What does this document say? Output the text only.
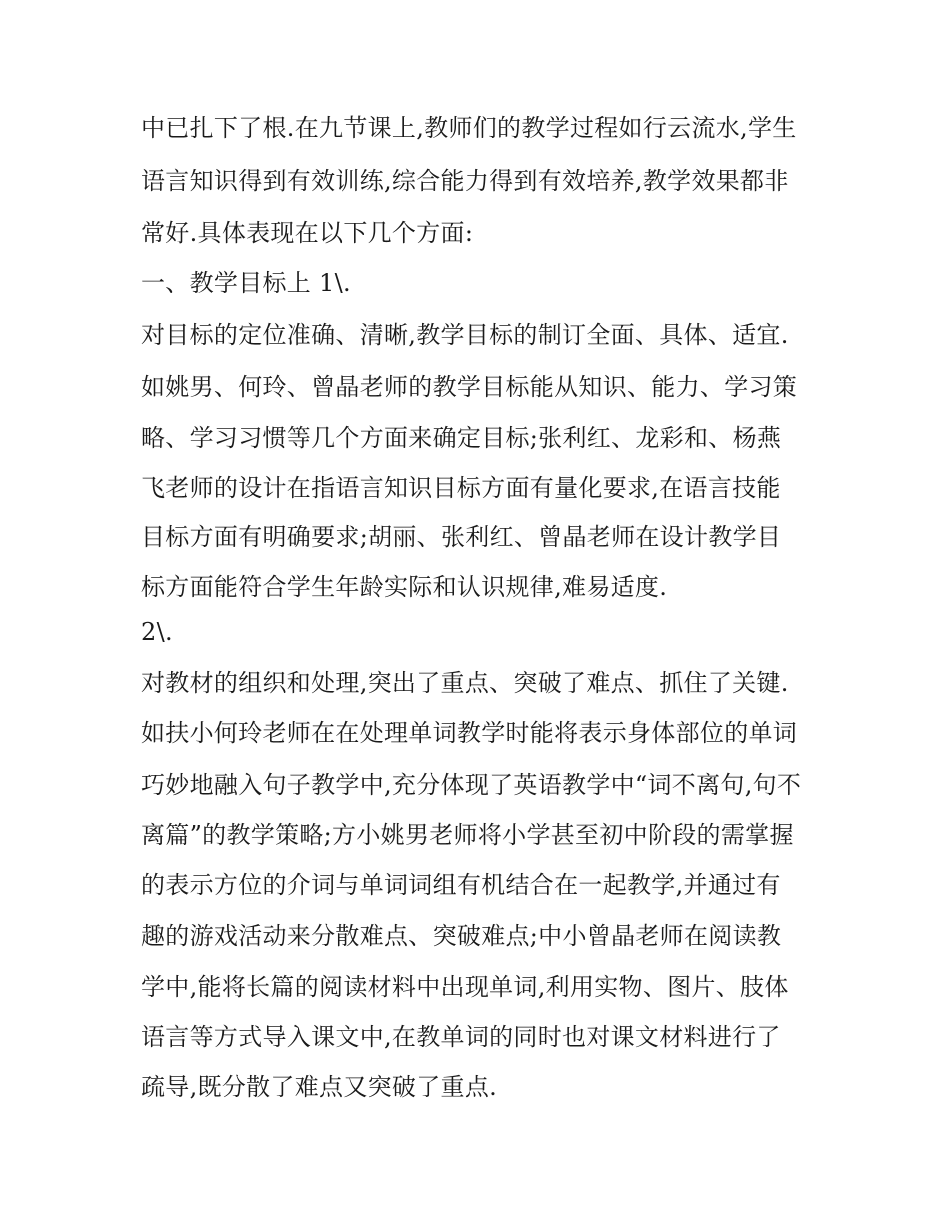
中已扎下了根.在九节课上,教师们的教学过程如行云流水,学生
语言知识得到有效训练,综合能力得到有效培养,教学效果都非
常好.具体表现在以下几个方面:
一、教学目标上 1\.
对目标的定位准确、清晰,教学目标的制订全面、具体、适宜.
如姚男、何玲、曾晶老师的教学目标能从知识、能力、学习策
略、学习习惯等几个方面来确定目标;张利红、龙彩和、杨燕
飞老师的设计在指语言知识目标方面有量化要求,在语言技能
目标方面有明确要求;胡丽、张利红、曾晶老师在设计教学目
标方面能符合学生年龄实际和认识规律,难易适度.
2\.
对教材的组织和处理,突出了重点、突破了难点、抓住了关键.
如扶小何玲老师在在处理单词教学时能将表示身体部位的单词
巧妙地融入句子教学中,充分体现了英语教学中“词不离句,句不
离篇”的教学策略;方小姚男老师将小学甚至初中阶段的需掌握
的表示方位的介词与单词词组有机结合在一起教学,并通过有
趣的游戏活动来分散难点、突破难点;中小曾晶老师在阅读教
学中,能将长篇的阅读材料中出现单词,利用实物、图片、肢体
语言等方式导入课文中,在教单词的同时也对课文材料进行了
疏导,既分散了难点又突破了重点.
